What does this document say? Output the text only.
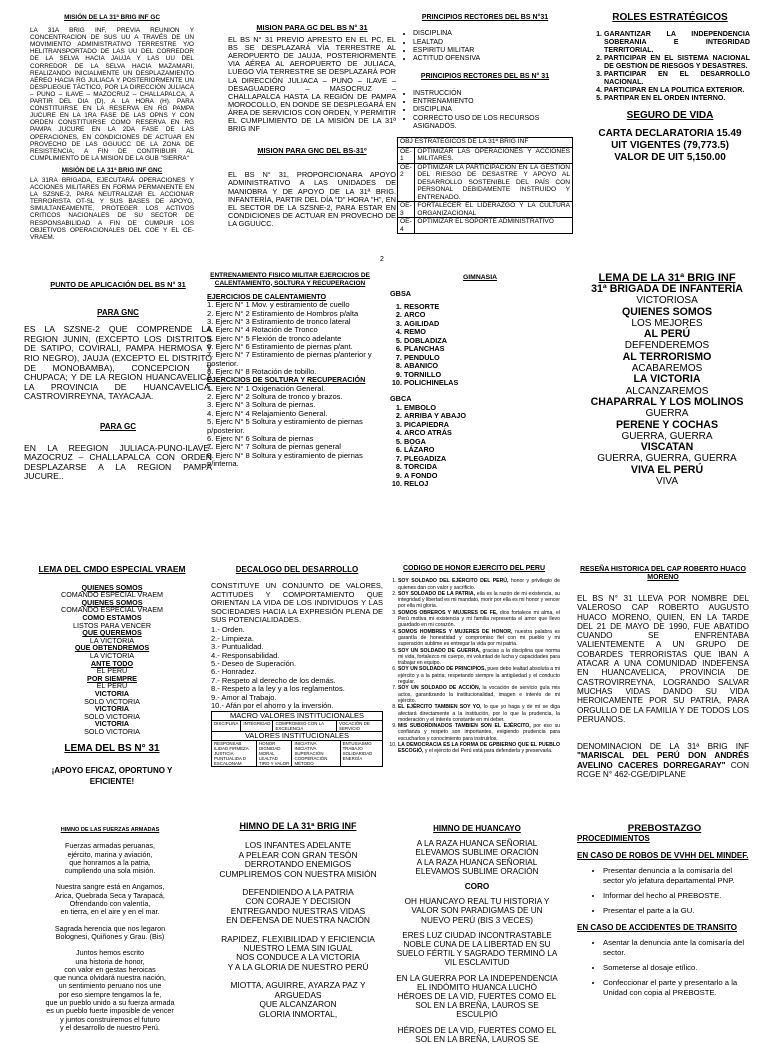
MISIÓN DE LA 31ª BRIG INF GC
LA 31A BRIG INF, PREVIA REUNION Y CONCENTRACION DE SUS UU A TRAVÉS DE UN MOVIMIENTO ADMINISTRATIVO TERRESTRE Y/O HELITRANSPORTADO DE LAS UU DEL CORREDOR DE LA SELVA HACIA JAUJA Y LAS UU DEL CORREDOR DE LA SELVA HACIA MAZAMARI, REALIZANDO INICIALMENTE UN DESPLAZAMIENTO AÉREO HACIA RG JULIACA Y POSTERIORMENTE UN DESPLIEGUE TÁCTICO, POR LA DIRECCIÓN JULIACA – PUNO – ILAVE – MAZOCRUZ – CHALLAPALCA, A PARTIR DEL DIA (D), A LA HORA (H). PARA CONSTITUIRSE EN LA RESERVA EN RG PAMPA JUCURE EN LA 1RA FASE DE LAS OPNS Y CON ORDEN CONSTITUIRSE COMO RESERVA EN RG PAMPA JUCURE EN LA 2DA FASE DE LAS OPERACIONES, EN CONDICIONES DE ACTUAR EN PROVECHO DE LAS GGUUCC DE LA ZONA DE RESISTENCIA, A FIN DE CONTRIBUIR AL CUMPLIMIENTO DE LA MISION DE LA GUB "SIERRA"
MISIÓN DE LA 31ª BRIG INF GNC
LA 31RA BRIGADA, EJECUTARÁ OPERACIONES Y ACCIONES MILITARES EN FORMA PERMANENTE EN LA SZSNE-2, PARA NEUTRALIZAR EL ACCIONAR TERRORISTA OT-SL Y SUS BASES DE APOYO, SIMULTANEAMENTE, PROTEGER LOS ACTIVOS CRITICOS NACIONALES DE SU SECTOR DE RESPONSABILIDAD A FIN DE CUMPLIR LOS OBJETIVOS OPERACIONALES DEL COE Y EL CE-VRAEM.
MISION PARA GC DEL BS N° 31
EL BS N° 31 PREVIO APRESTO EN EL PC, EL BS SE DESPLAZARÁ VÍA TERRESTRE AL AEROPUERTO DE JAUJA, POSTERIORMENTE VIA AÉREA AL AEROPUERTO DE JULIACA, LUEGO VÍA TERRESTRE SE DESPLAZARÁ POR LA DIRECCIÓN JULIACA – PUNO – ILAVE – DESAGUADERO – MASOCRUZ – CHALLAPALCA HASTA LA REGIÓN DE PAMPA MOROCOLLO, EN DONDE SE DESPLEGARÁ EN ÁREA DE SERVICIOS CON ORDEN, Y PERMITIR EL CUMPLIMIENTO DE LA MISIÓN DE LA 31ª BRIG INF
MISION PARA GNC DEL BS-31º
EL BS N° 31, PROPORCIONARA APOYO ADMINISTRATIVO A LAS UNIDADES DE MANIOBRA Y DE APOYO DE LA 31ª BRIG. INFANTERÍA, PARTIR DEL DÍA "D" HORA "H", EN EL SECTOR DE LA SZSNE-2, PARA ESTAR EN CONDICIONES DE ACTUAR EN PROVECHO DE LA GGUUCC.
PRINCIPIOS RECTORES DEL BS N°31
• DISCIPLINA
• LEALTAD
• ESPIRITU MILITAR
• ACTITUD OFENSIVA
PRINCIPIOS RECTORES DEL BS N° 31
• INSTRUCCIÓN
• ENTRENAMIENTO
• DISCIPLINA
• CORRECTO USO DE LOS RECURSOS ASIGNADOS.
OBJ ESTRATÉGICOS DE LA 31ª BRIG INF
OE-1	OPTIMIZAR LAS OPERACIONES Y ACCIONES MILITARES.
OE-2	OPTIMIZAR LA PARTICIPACIÓN EN LA GESTIÓN DEL RIESGO DE DESASTRE Y APOYO AL DESARROLLO SOSTENIBLE DEL PAÍS CON PERSONAL DEBIDAMENTE INSTRUIDO Y ENTRENADO.
OE-3	FORTALECER EL LIDERAZGO Y LA CULTURA ORGANIZACIONAL
OE-4	OPTIMIZAR EL SOPORTE ADMINISTRATIVO
ROLES ESTRATÉGICOS
1. GARANTIZAR LA INDEPENDENCIA SOBERANIA E INTEGRIDAD TERRITORIAL.
2. PARTICIPAR EN EL SISTEMA NACIONAL DE GESTION DE RIESGOS Y DESASTRES.
3. PARTICIPAR EN EL DESARROLLO NACIONAL.
4. PARTICIPAR EN LA POLITICA EXTERIOR.
5. PARTIPAR EN EL ORDEN INTERNO.
SEGURO DE VIDA
CARTA DECLARATORIA 15.49
UIT VIGENTES (79,773.5)
VALOR DE UIT 5,150.00
2
PUNTO DE APLICACIÓN DEL BS N° 31
PARA GNC
ES LA SZSNE-2 QUE COMPRENDE LA REGION JUNIN, (EXCEPTO LOS DISTRITOS DE SATIPO, COVIRALI, PAMPA HERMOSA Y RIO NEGRO), JAUJA (EXCEPTO EL DISTRITO DE MONOBAMBA), CONCEPCION Y CHUPACA; Y DE LA REGION HUANCAVELICA LA PROVINCIA DE HUANCAVELICA, CASTROVIRREYNA, TAYACAJA.
PARA GC
EN LA REEGION JULIACA-PUNO-ILAVE-MAZOCRUZ – CHALLAPALCA CON ORDEN DESPLAZARSE A LA REGION PAMPA JUCURE..
ENTRENAMIENTO FISICO MILITAR EJERCICIOS DE CALENTAMIENTO, SOLTURA Y RECUPERACION
EJERCICIOS DE CALENTAMIENTO
1. Ejerc N° 1 Mov. y estiramiento de cuello
2. Ejerc N° 2 Estiramiento de Hombros p/alta
3. Ejerc N° 3 Estiramiento de tronco lateral
4. Ejerc N° 4 Rotación de Tronco
5. Ejerc N° 5 Flexión de tronco adelante
6. Ejerc N° 6 Estiramiento de piernas p/ant.
7. Ejerc N° 7 Estiramiento de piernas p/anterior y posterior.
8. Ejerc N° 8 Rotación de tobillo.
EJERCICIOS DE SOLTURA Y RECUPERACIÓN
1. Ejerc N° 1 Oxigenación General.
2. Ejerc N° 2 Soltura de tronco y brazos.
3. Ejerc N° 3 Soltura de piernas.
4. Ejerc N° 4 Relajamiento General.
5. Ejerc N° 5 Soltura y estiramiento de piernas p/posterior.
6. Ejerc N° 6 Soltura de piernas
7. Ejerc N° 7 Soltura de piernas general
8. Ejerc N° 8 Soltura y estiramiento de piernas p/interna.
GIMNASIA
GBSA
1. RESORTE
2. ARCO
3. AGILIDAD
4. REMO
5. DOBLADIZA
6. PLANCHAS
7. PENDULO
8. ABANICO
9. TORNILLO
10. POLICHINELAS
GBCA
1. EMBOLO
2. ARRIBA Y ABAJO
3. PICAPIEDRA
4. ARCO ATRÁS
5. BOGA
6. LÁZARO
7. PLEGADIZA
8. TORCIDA
9. A FONDO
10. RELOJ
LEMA DE LA 31ª BRIG INF
31ª BRIGADA DE INFANTERÍA
VICTORIOSA
QUIENES SOMOS
LOS MEJORES
AL PERÚ
DEFENDEREMOS
AL TERRORISMO
ACABAREMOS
LA VICTORIA
ALCANZAREMOS
CHAPARRAL Y LOS MOLINOS
GUERRA
PERENE Y COCHAS
GUERRA, GUERRA
VISCATAN
GUERRA, GUERRA, GUERRA
VIVA EL PERÚ
VIVA
LEMA DEL CMDO ESPECIAL VRAEM
QUIENES SOMOS
COMANDO ESPECIAL VRAEM
QUIENES SOMOS
COMANDO ESPECIAL VRAEM
COMO ESTAMOS
LISTOS PARA VENCER
QUE QUEREMOS
LA VICTORIA
QUE OBTENDREMOS
LA VICTORIA
ANTE TODO
EL PERÚ
POR SIEMPRE
EL PERÚ
VICTORIA
SOLO VICTORIA
VICTORIA
SOLO VICTORIA
VICTORIA
SOLO VICTORIA
LEMA DEL BS N° 31
¡APOYO EFICAZ, OPORTUNO Y EFICIENTE!
DECALOGO DEL DESARROLLO
CONSTITUYE UN CONJUNTO DE VALORES, ACTITUDES Y COMPORTAMIENTO QUE ORIENTAN LA VIDA DE LOS INDIVIDUOS Y LAS SOCIEDADES HACIA LA EXPRESIÓN PLENA DE SUS POTENCIALIDADES.
1.- Orden.
2.- Limpieza.
3.- Puntualidad.
4.- Responsabilidad.
5.- Deseo de Superación.
6.- Honradez.
7.- Respeto al derecho de los demás.
8.- Respeto a la ley y a los reglamentos.
9.- Amor al Trabajo.
10.- Afán por el ahorro y la inversión.
MACRO VALORES INSTITUCIONALES
DISCIPLINA	INTEGRIDAD	COMPROMISO CON LA EXCELENCIA	VOCACIÓN DE SERVICIO
VALORES INSTITUCIONALES
RESPONSAB ILIDAD FIRMEZA JUSTICIA PUNTUALIDA D ESCALONAM	HONOR DIGNIDAD MORAL LEALTAD TIRO Y VALOR	INICIATIVA INICIATIVA SUPERACIÓN COOPERACIÓN MÉTODO	ENTUSIASMO TRABAJO SOLIDARIDAD ENERGÍA
CODIGO DE HONOR EJERCITO DEL PERU
1. SOY SOLDADO DEL EJÉRCITO DEL PERÚ, honor y privilegio de quienes dan con valor y sacrificio.
2. SOY SOLDADO DE LA PATRIA, ella es la razón de mi existencia, su integridad y libertad es mi mandato, morir por ella es mi honor y vencer por ella mi gloria.
3. SOMOS OBREROS Y MUJERES DE FE, dios fortalece mi alma, el Perú motiva mi existencia y mi familia representa el amor que llevo guardado en mi corazón.
4. SOMOS HOMBRES Y MUJERES DE HONOR, nuestra palabra es garantía de honestidad y compromiso fiel con mi pueblo y mi superación sublime es entregar la vida por mi patria.
5. SOY UN SOLDADO DE GUERRA, gracias a la disciplina que norma mi vida, fortalezco mi cuerpo, mi voluntad de lucha y capacidades para trabajar en equipo.
6. SOY UN SOLDADO DE PRINCIPIOS, pues debo lealtad absoluta a mi ejército y a la patria; respetando siempre la antigüedad y el conducto regular.
7. SOY UN SOLDADO DE ACCIÓN, la vocación de servicio guía mis actos, garantizando la institucionalidad, imagen e interés de mi ejército.
8. EL EJÉRCITO TAMBIEN SOY YO, lo que yo haga y de mí se diga afectará directamente a la institución, por lo que la prudencia, la moderación y el interés constante en mi deber.
9. MIS SUBORDINADOS TAMBIEN SON EL EJÉRCITO, por eso su confianza y respeto son importantes, exigiendo prudencia para escucharlos y conocimiento para instruirlos.
10. LA DEMOCRACIA ES LA FORMA DE GPBIERNO QUE EL PUEBLO ESCOGIÓ, y el ejército del Perú está para defenderla y preservarla.
RESEÑA HISTORICA DEL CAP ROBERTO HUACO MORENO
EL BS N° 31 LLEVA POR NOMBRE DEL VALEROSO CAP ROBERTO AUGUSTO HUACO MORENO, QUIEN, EN LA TARDE DEL 21 DE MAYO DE 1990, FUE ABATIDO CUANDO SE ENFRENTABA VALIENTEMENTE A UN GRUPO DE COBARDES TERRORISTAS QUE IBAN A ATACAR A UNA COMUNIDAD INDEFENSA EN HUANCAVELICA, PROVINCIA DE CASTROVIRREYNA, LOGRANDO SALVAR MUCHAS VIDAS DANDO SU VIDA HEROICAMENTE POR SU PATRIA, PARA ORGULLO DE LA FAMILIA Y DE TODOS LOS PERUANOS.
DENOMINACION DE LA 31ª BRIG INF "MARISCAL DEL PERÚ DON ANDRÉS AVELINO CACERES DORREGARAY" CON RCGE N° 462-CGE/DIPLANE
HIMNO DE LAS FUERZAS ARMADAS
Fuerzas armadas peruanas,
ejército, marina y aviación,
que honramos a la patria,
cumpliendo una sola misión.
Nuestra sangre está en Angamos,
Arica, Quebrada Seca y Tarapacá,
Ofrendando con valentía,
en tierra, en el aire y en el mar.
Sagrada herencia que nos legaron
Bolognesi, Quiñones y Grau. (Bis)
Juntos hemos escrito
una historia de honor,
con valor en gestas heroicas
que nunca olvidará nuestra nación,
un sentimiento peruano nos une
por eso siempre tengamos la fe,
que un pueblo unido a su fuerza armada
es un pueblo fuerte imposible de vencer
y juntos construiremos el futuro
y el desarrollo de nuestro Perú.
HIMNO DE LA 31ª BRIG INF
LOS INFANTES ADELANTE
A PELEAR CON GRAN TESÓN
DERROTANDO ENEMIGOS
CUMPLIREMOS CON NUESTRA MISIÓN
DEFENDIENDO A LA PATRIA
CON CORAJE Y DECISION
ENTREGANDO NUESTRAS VIDAS
EN DEFENSA DE NUESTRA NACIÓN
RAPIDEZ, FLEXIBILIDAD Y EFICIENCIA
NUESTRO LEMA SIN IGUAL
NOS CONDUCE A LA VICTORIA
Y A LA GLORIA DE NUESTRO PERÚ
MIOTTA, AGUIRRE, AYARZA PAZ Y
ARGUEDAS
QUE ALCANZARON
GLORIA INMORTAL,
HIMNO DE HUANCAYO
A LA RAZA HUANCA SEÑORIAL
ELEVAMOS SUBLIME ORACIÓN
A LA RAZA HUANCA SEÑORIAL
ELEVAMOS SUBLIME ORACIÓN
CORO
OH HUANCAYO REAL TU HISTORIA Y
VALOR SON PARADIGMAS DE UN
NUEVO PERÚ (BIS 3 VECES)
ERES LUZ CIUDAD INCONTRASTABLE
NOBLE CUNA DE LA LIBERTAD EN SU
SUELO FÉRTIL Y SAGRADO TERMINÓ LA
VIL ESCLAVITUD
EN LA GUERRA POR LA INDEPENDENCIA
EL INDÓMITO HUANCA LUCHÓ
HÉROES DE LA VID, FUERTES COMO EL
SOL EN LA BREÑA, LAUROS SE
ESCULPIÓ
HÉROES DE LA VID, FUERTES COMO EL
SOL EN LA BREÑA, LAUROS SE
PREBOSTAZGO
PROCEDIMIENTOS
EN CASO DE ROBOS DE VVHH DEL MINDEF.
• Presentar denuncia a la comisaría del sector y/o jefatura departamental PNP.
• Informar del hecho al PREBOSTE.
• Presentar el parte a la GU.
EN CASO DE ACCIDENTES DE TRANSITO
• Asentar la denuncia ante la comisaría del sector.
• Someterse al dosaje etílico.
• Confeccionar el parte y presentarlo a la Unidad con copia al PREBOSTE.
